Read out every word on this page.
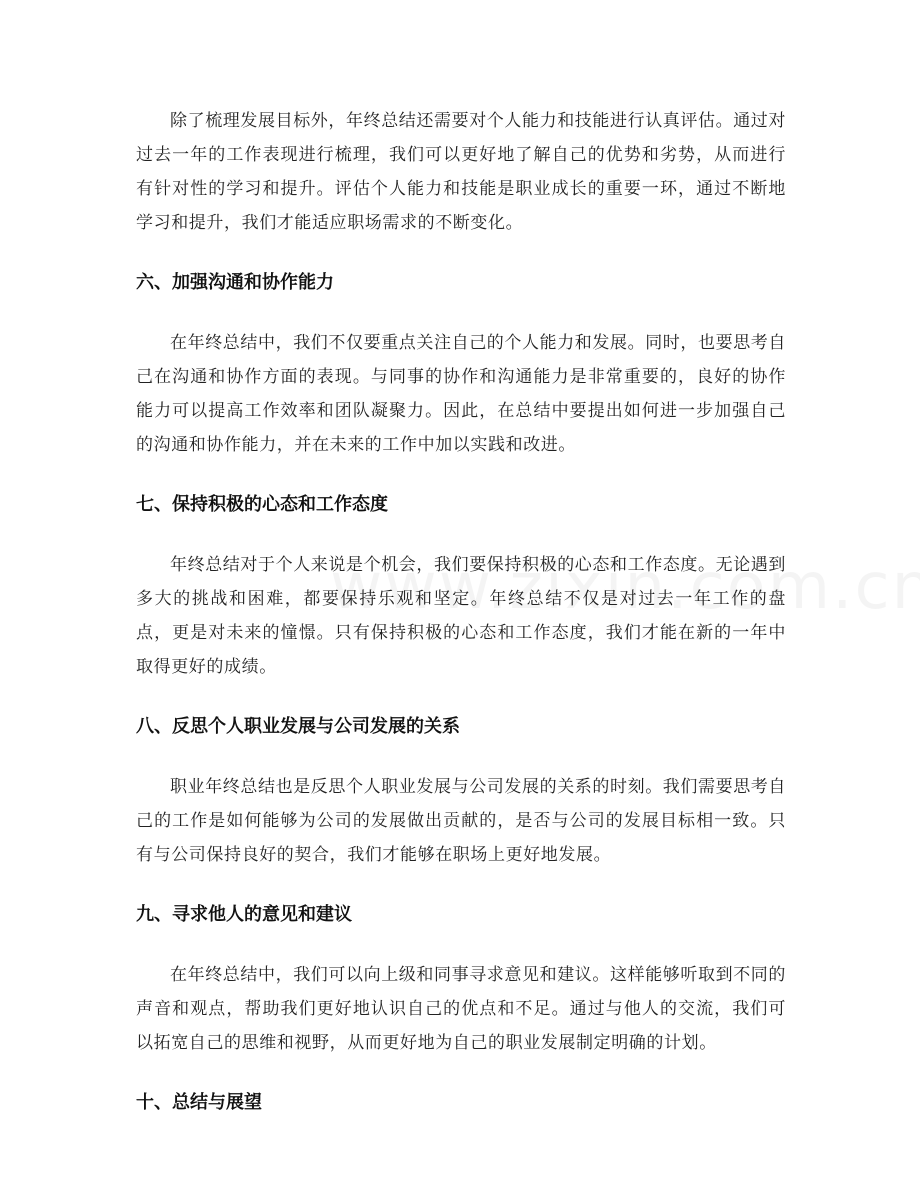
除了梳理发展目标外，年终总结还需要对个人能力和技能进行认真评估。通过对过去一年的工作表现进行梳理，我们可以更好地了解自己的优势和劣势，从而进行有针对性的学习和提升。评估个人能力和技能是职业成长的重要一环，通过不断地学习和提升，我们才能适应职场需求的不断变化。

六、加强沟通和协作能力

在年终总结中，我们不仅要重点关注自己的个人能力和发展。同时，也要思考自己在沟通和协作方面的表现。与同事的协作和沟通能力是非常重要的，良好的协作能力可以提高工作效率和团队凝聚力。因此，在总结中要提出如何进一步加强自己的沟通和协作能力，并在未来的工作中加以实践和改进。

七、保持积极的心态和工作态度

年终总结对于个人来说是个机会，我们要保持积极的心态和工作态度。无论遇到多大的挑战和困难，都要保持乐观和坚定。年终总结不仅是对过去一年工作的盘点，更是对未来的憧憬。只有保持积极的心态和工作态度，我们才能在新的一年中取得更好的成绩。

八、反思个人职业发展与公司发展的关系

职业年终总结也是反思个人职业发展与公司发展的关系的时刻。我们需要思考自己的工作是如何能够为公司的发展做出贡献的，是否与公司的发展目标相一致。只有与公司保持良好的契合，我们才能够在职场上更好地发展。

九、寻求他人的意见和建议

在年终总结中，我们可以向上级和同事寻求意见和建议。这样能够听取到不同的声音和观点，帮助我们更好地认识自己的优点和不足。通过与他人的交流，我们可以拓宽自己的思维和视野，从而更好地为自己的职业发展制定明确的计划。

十、总结与展望
